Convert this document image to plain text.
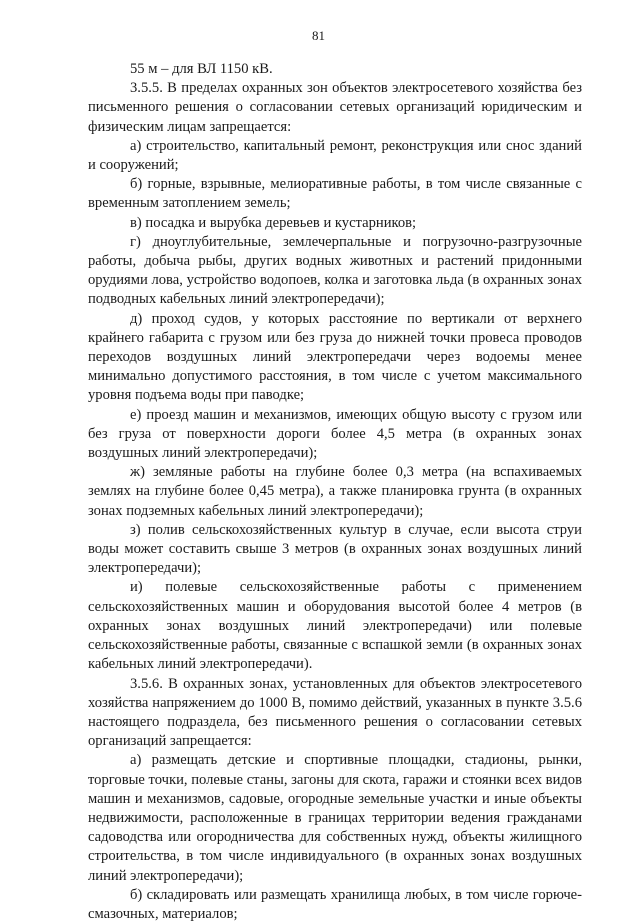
81

55 м – для ВЛ 1150 кВ.

3.5.5. В пределах охранных зон объектов электросетевого хозяйства без письменного решения о согласовании сетевых организаций юридическим и физическим лицам запрещается:

а) строительство, капитальный ремонт, реконструкция или снос зданий и сооружений;

б) горные, взрывные, мелиоративные работы, в том числе связанные с временным затоплением земель;

в) посадка и вырубка деревьев и кустарников;

г) дноуглубительные, землечерпальные и погрузочно-разгрузочные работы, добыча рыбы, других водных животных и растений придонными орудиями лова, устройство водопоев, колка и заготовка льда (в охранных зонах подводных кабельных линий электропередачи);

д) проход судов, у которых расстояние по вертикали от верхнего крайнего габарита с грузом или без груза до нижней точки провеса проводов переходов воздушных линий электропередачи через водоемы менее минимально допустимого расстояния, в том числе с учетом максимального уровня подъема воды при паводке;

е) проезд машин и механизмов, имеющих общую высоту с грузом или без груза от поверхности дороги более 4,5 метра (в охранных зонах воздушных линий электропередачи);

ж) земляные работы на глубине более 0,3 метра (на вспахиваемых землях на глубине более 0,45 метра), а также планировка грунта (в охранных зонах подземных кабельных линий электропередачи);

з) полив сельскохозяйственных культур в случае, если высота струи воды может составить свыше 3 метров (в охранных зонах воздушных линий электропередачи);

и) полевые сельскохозяйственные работы с применением сельскохозяйственных машин и оборудования высотой более 4 метров (в охранных зонах воздушных линий электропередачи) или полевые сельскохозяйственные работы, связанные с вспашкой земли (в охранных зонах кабельных линий электропередачи).

3.5.6. В охранных зонах, установленных для объектов электросетевого хозяйства напряжением до 1000 В, помимо действий, указанных в пункте 3.5.6 настоящего подраздела, без письменного решения о согласовании сетевых организаций запрещается:

а) размещать детские и спортивные площадки, стадионы, рынки, торговые точки, полевые станы, загоны для скота, гаражи и стоянки всех видов машин и механизмов, садовые, огородные земельные участки и иные объекты недвижимости, расположенные в границах территории ведения гражданами садоводства или огородничества для собственных нужд, объекты жилищного строительства, в том числе индивидуального (в охранных зонах воздушных линий электропередачи);

б) складировать или размещать хранилища любых, в том числе горюче-смазочных, материалов;
